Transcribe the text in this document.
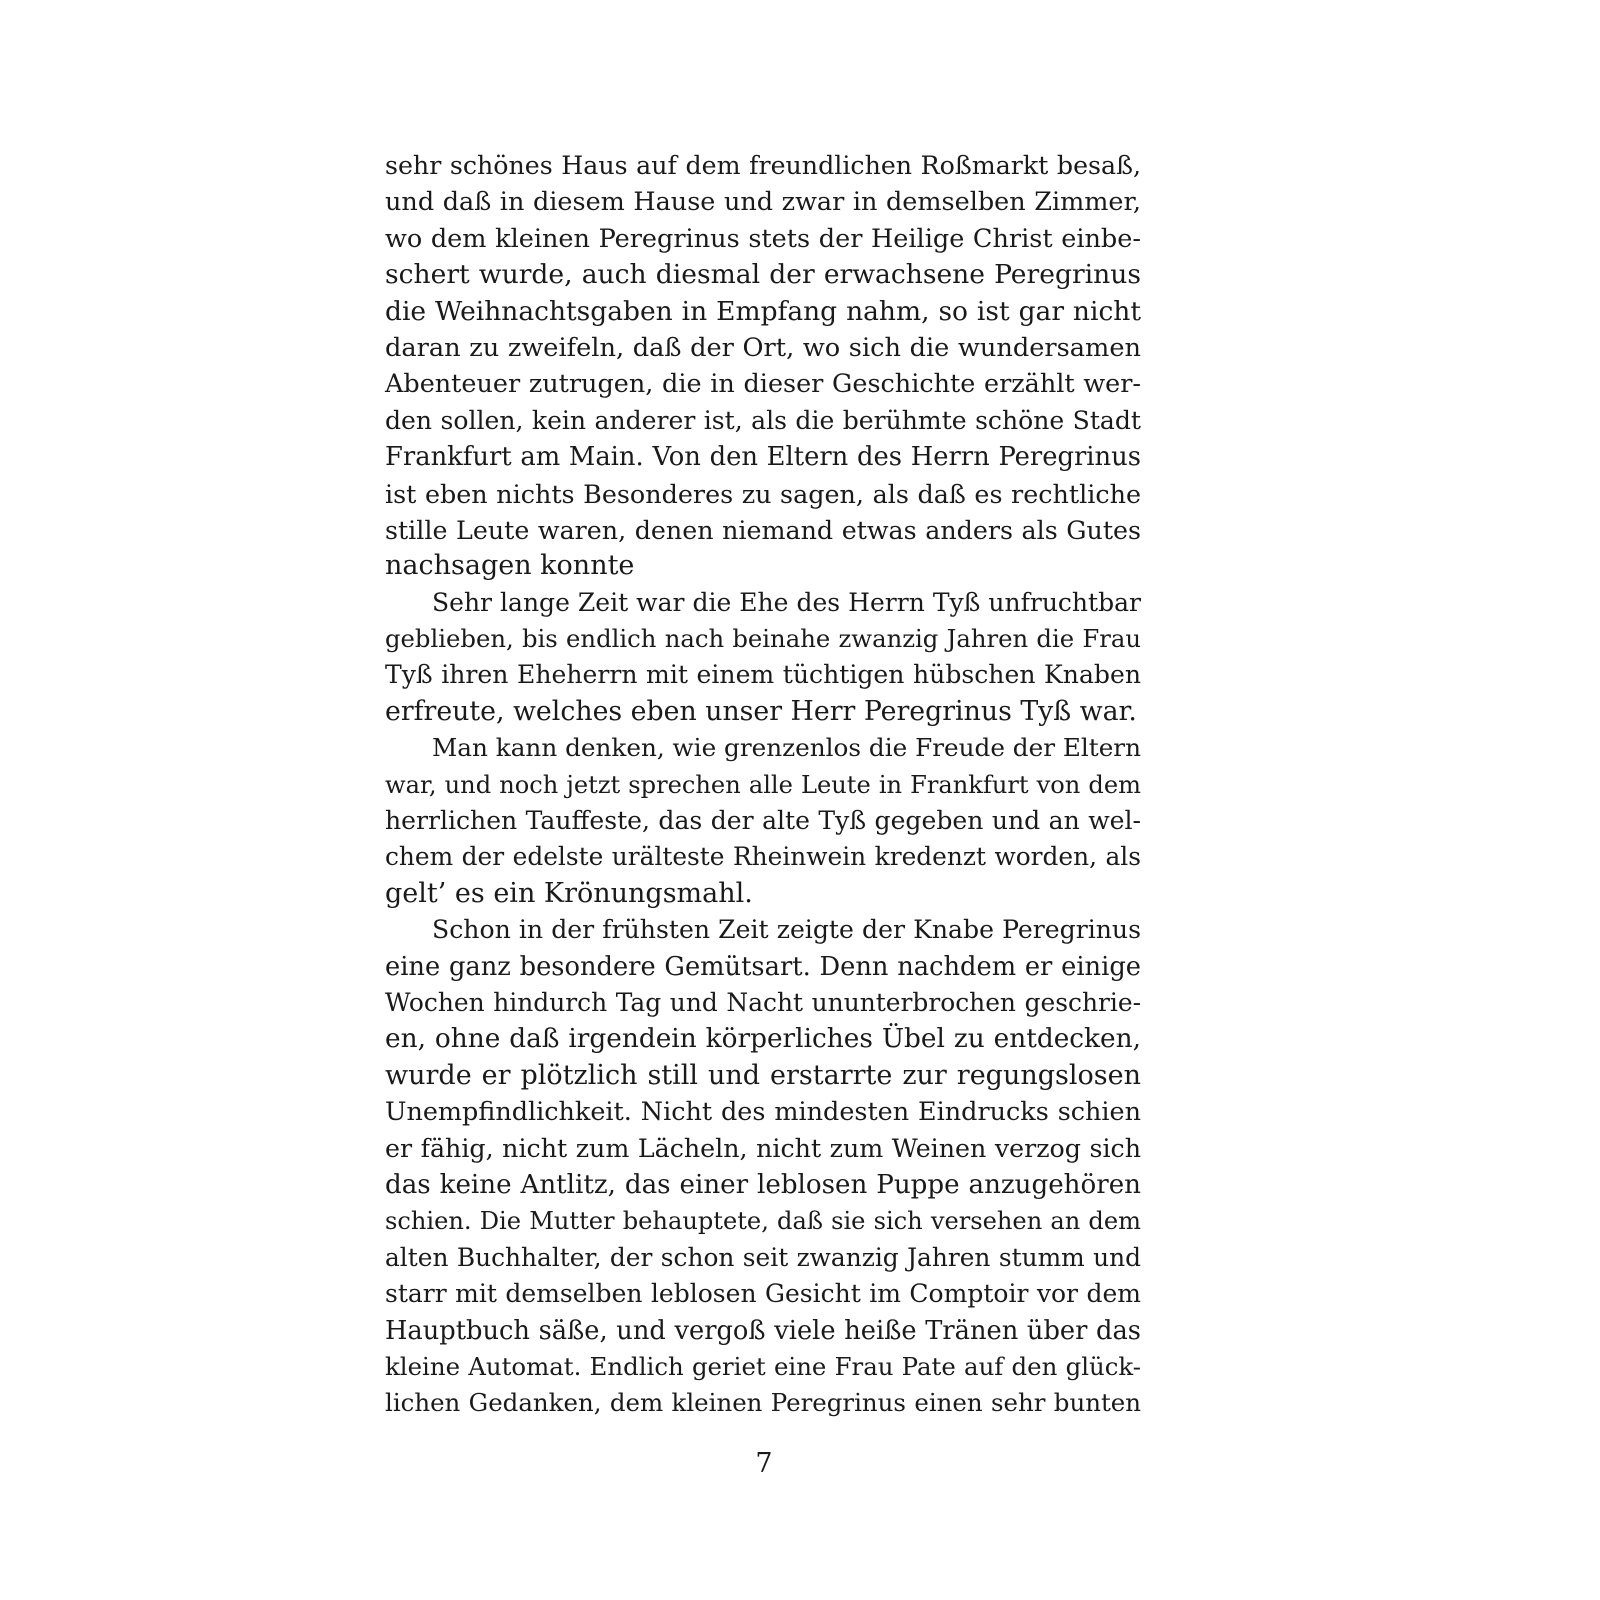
sehr schönes Haus auf dem freundlichen Roßmarkt besaß,
und daß in diesem Hause und zwar in demselben Zimmer,
wo dem kleinen Peregrinus stets der Heilige Christ einbe-
schert wurde, auch diesmal der erwachsene Peregrinus
die Weihnachtsgaben in Empfang nahm, so ist gar nicht
daran zu zweifeln, daß der Ort, wo sich die wundersamen
Abenteuer zutrugen, die in dieser Geschichte erzählt wer-
den sollen, kein anderer ist, als die berühmte schöne Stadt
Frankfurt am Main. Von den Eltern des Herrn Peregrinus
ist eben nichts Besonderes zu sagen, als daß es rechtliche
stille Leute waren, denen niemand etwas anders als Gutes
nachsagen konnte
Sehr lange Zeit war die Ehe des Herrn Tyß unfruchtbar
geblieben, bis endlich nach beinahe zwanzig Jahren die Frau
Tyß ihren Eheherrn mit einem tüchtigen hübschen Knaben
erfreute, welches eben unser Herr Peregrinus Tyß war.
Man kann denken, wie grenzenlos die Freude der Eltern
war, und noch jetzt sprechen alle Leute in Frankfurt von dem
herrlichen Tauffeste, das der alte Tyß gegeben und an wel-
chem der edelste urälteste Rheinwein kredenzt worden, als
gelt’ es ein Krönungsmahl.
Schon in der frühsten Zeit zeigte der Knabe Peregrinus
eine ganz besondere Gemütsart. Denn nachdem er einige
Wochen hindurch Tag und Nacht ununterbrochen geschrie-
en, ohne daß irgendein körperliches Übel zu entdecken,
wurde er plötzlich still und erstarrte zur regungslosen
Unempfindlichkeit. Nicht des mindesten Eindrucks schien
er fähig, nicht zum Lächeln, nicht zum Weinen verzog sich
das keine Antlitz, das einer leblosen Puppe anzugehören
schien. Die Mutter behauptete, daß sie sich versehen an dem
alten Buchhalter, der schon seit zwanzig Jahren stumm und
starr mit demselben leblosen Gesicht im Comptoir vor dem
Hauptbuch säße, und vergoß viele heiße Tränen über das
kleine Automat. Endlich geriet eine Frau Pate auf den glück-
lichen Gedanken, dem kleinen Peregrinus einen sehr bunten
7
